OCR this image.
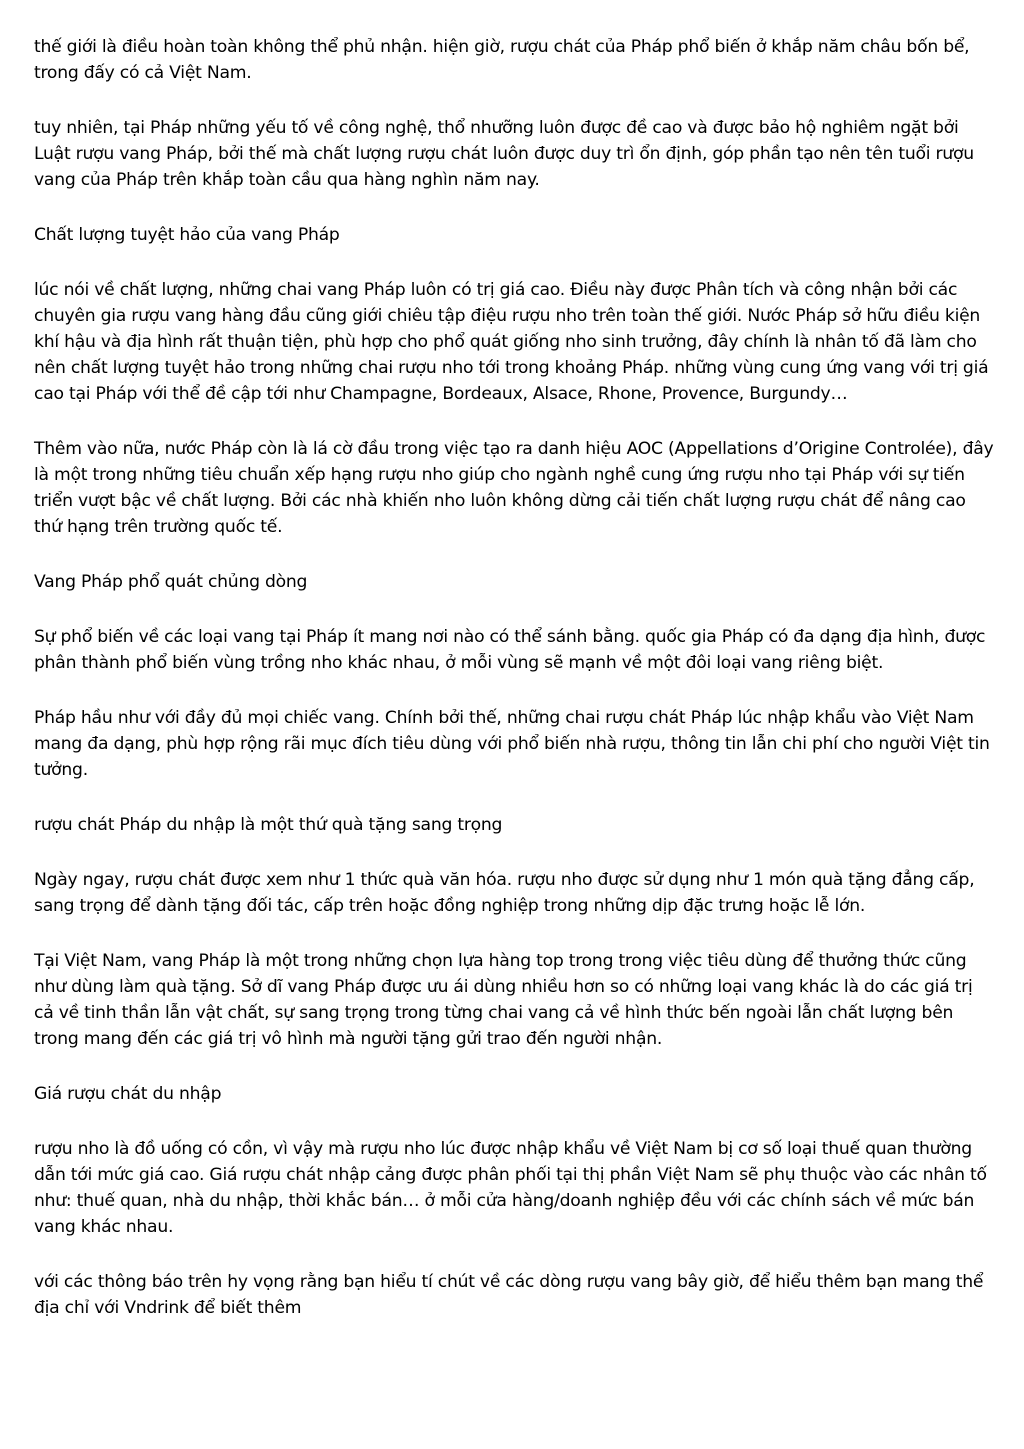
thế giới là điều hoàn toàn không thể phủ nhận. hiện giờ, rượu chát của Pháp phổ biến ở khắp năm châu bốn bể, trong đấy có cả Việt Nam.

tuy nhiên, tại Pháp những yếu tố về công nghệ, thổ nhưỡng luôn được đề cao và được bảo hộ nghiêm ngặt bởi Luật rượu vang Pháp, bởi thế mà chất lượng rượu chát luôn được duy trì ổn định, góp phần tạo nên tên tuổi rượu vang của Pháp trên khắp toàn cầu qua hàng nghìn năm nay.

Chất lượng tuyệt hảo của vang Pháp

lúc nói về chất lượng, những chai vang Pháp luôn có trị giá cao. Điều này được Phân tích và công nhận bởi các chuyên gia rượu vang hàng đầu cũng giới chiêu tập điệu rượu nho trên toàn thế giới. Nước Pháp sở hữu điều kiện khí hậu và địa hình rất thuận tiện, phù hợp cho phổ quát giống nho sinh trưởng, đây chính là nhân tố đã làm cho nên chất lượng tuyệt hảo trong những chai rượu nho tới trong khoảng Pháp. những vùng cung ứng vang với trị giá cao tại Pháp với thể đề cập tới như Champagne, Bordeaux, Alsace, Rhone, Provence, Burgundy…

Thêm vào nữa, nước Pháp còn là lá cờ đầu trong việc tạo ra danh hiệu AOC (Appellations d’Origine Controlée), đây là một trong những tiêu chuẩn xếp hạng rượu nho giúp cho ngành nghề cung ứng rượu nho tại Pháp với sự tiến triển vượt bậc về chất lượng. Bởi các nhà khiến nho luôn không dừng cải tiến chất lượng rượu chát để nâng cao thứ hạng trên trường quốc tế.

Vang Pháp phổ quát chủng dòng

Sự phổ biến về các loại vang tại Pháp ít mang nơi nào có thể sánh bằng. quốc gia Pháp có đa dạng địa hình, được phân thành phổ biến vùng trồng nho khác nhau, ở mỗi vùng sẽ mạnh về một đôi loại vang riêng biệt.

Pháp hầu như với đầy đủ mọi chiếc vang. Chính bởi thế, những chai rượu chát Pháp lúc nhập khẩu vào Việt Nam mang đa dạng, phù hợp rộng rãi mục đích tiêu dùng với phổ biến nhà rượu, thông tin lẫn chi phí cho người Việt tin tưởng.

rượu chát Pháp du nhập là một thứ quà tặng sang trọng

Ngày ngay, rượu chát được xem như 1 thức quà văn hóa. rượu nho được sử dụng như 1 món quà tặng đẳng cấp, sang trọng để dành tặng đối tác, cấp trên hoặc đồng nghiệp trong những dịp đặc trưng hoặc lễ lớn.

Tại Việt Nam, vang Pháp là một trong những chọn lựa hàng top trong trong việc tiêu dùng để thưởng thức cũng như dùng làm quà tặng. Sở dĩ vang Pháp được ưu ái dùng nhiều hơn so có những loại vang khác là do các giá trị cả về tinh thần lẫn vật chất, sự sang trọng trong từng chai vang cả về hình thức bến ngoài lẫn chất lượng bên trong mang đến các giá trị vô hình mà người tặng gửi trao đến người nhận.

Giá rượu chát du nhập

rượu nho là đồ uống có cồn, vì vậy mà rượu nho lúc được nhập khẩu về Việt Nam bị cơ số loại thuế quan thường dẫn tới mức giá cao. Giá rượu chát nhập cảng được phân phối tại thị phần Việt Nam sẽ phụ thuộc vào các nhân tố như: thuế quan, nhà du nhập, thời khắc bán… ở mỗi cửa hàng/doanh nghiệp đều với các chính sách về mức bán vang khác nhau.

với các thông báo trên hy vọng rằng bạn hiểu tí chút về các dòng rượu vang bây giờ, để hiểu thêm bạn mang thể địa chỉ với Vndrink để biết thêm
